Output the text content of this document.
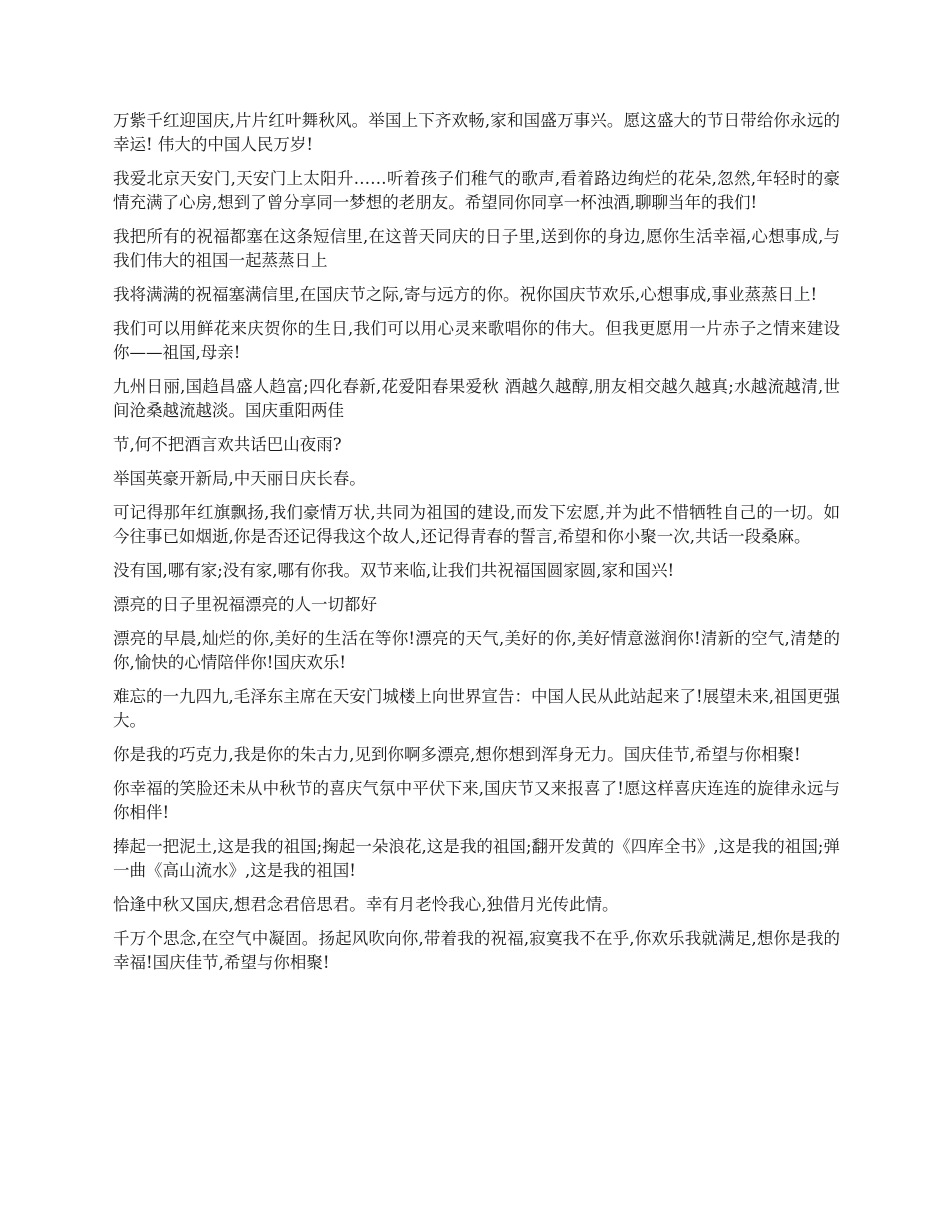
万紫千红迎国庆,片片红叶舞秋风。举国上下齐欢畅,家和国盛万事兴。愿这盛大的节日带给你永远的幸运! 伟大的中国人民万岁!

我爱北京天安门,天安门上太阳升……听着孩子们稚气的歌声,看着路边绚烂的花朵,忽然,年轻时的豪情充满了心房,想到了曾分享同一梦想的老朋友。希望同你同享一杯浊酒,聊聊当年的我们!

我把所有的祝福都塞在这条短信里,在这普天同庆的日子里,送到你的身边,愿你生活幸福,心想事成,与我们伟大的祖国一起蒸蒸日上

我将满满的祝福塞满信里,在国庆节之际,寄与远方的你。祝你国庆节欢乐,心想事成,事业蒸蒸日上!

我们可以用鲜花来庆贺你的生日,我们可以用心灵来歌唱你的伟大。但我更愿用一片赤子之情来建设你——祖国,母亲!

九州日丽,国趋昌盛人趋富;四化春新,花爱阳春果爱秋 酒越久越醇,朋友相交越久越真;水越流越清,世间沧桑越流越淡。国庆重阳两佳

节,何不把酒言欢共话巴山夜雨?

举国英豪开新局,中天丽日庆长春。

可记得那年红旗飘扬,我们豪情万状,共同为祖国的建设,而发下宏愿,并为此不惜牺牲自己的一切。如今往事已如烟逝,你是否还记得我这个故人,还记得青春的誓言,希望和你小聚一次,共话一段桑麻。

没有国,哪有家;没有家,哪有你我。双节来临,让我们共祝福国圆家圆,家和国兴!

漂亮的日子里祝福漂亮的人一切都好

漂亮的早晨,灿烂的你,美好的生活在等你!漂亮的天气,美好的你,美好情意滋润你!清新的空气,清楚的你,愉快的心情陪伴你!国庆欢乐!

难忘的一九四九,毛泽东主席在天安门城楼上向世界宣告：中国人民从此站起来了!展望未来,祖国更强大。

你是我的巧克力,我是你的朱古力,见到你啊多漂亮,想你想到浑身无力。国庆佳节,希望与你相聚!

你幸福的笑脸还未从中秋节的喜庆气氛中平伏下来,国庆节又来报喜了!愿这样喜庆连连的旋律永远与你相伴!

捧起一把泥土,这是我的祖国;掬起一朵浪花,这是我的祖国;翻开发黄的《四库全书》,这是我的祖国;弹一曲《高山流水》,这是我的祖国!

恰逢中秋又国庆,想君念君倍思君。幸有月老怜我心,独借月光传此情。

千万个思念,在空气中凝固。扬起风吹向你,带着我的祝福,寂寞我不在乎,你欢乐我就满足,想你是我的幸福!国庆佳节,希望与你相聚!
